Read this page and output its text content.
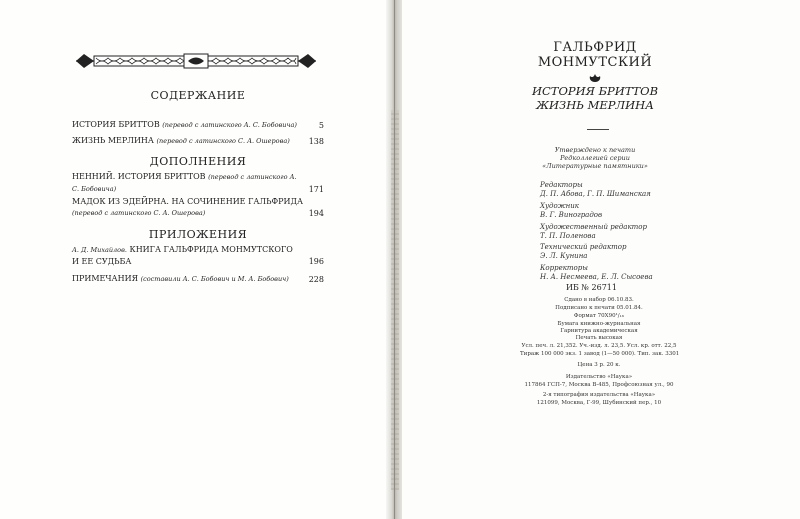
СОДЕРЖАНИЕ
ИСТОРИЯ БРИТТОВ (перевод с латинского А. С. Бобовича)	5
ЖИЗНЬ МЕРЛИНА (перевод с латинского С. А. Ошерова)	138
ДОПОЛНЕНИЯ
НЕННИЙ. ИСТОРИЯ БРИТТОВ (перевод с латинского А. С. Бобовича)	171
МАДОК ИЗ ЭДЕЙРНА. НА СОЧИНЕНИЕ ГАЛЬФРИДА (перевод с латинского С. А. Ошерова)	194
ПРИЛОЖЕНИЯ
А. Д. Михайлов. КНИГА ГАЛЬФРИДА МОНМУТСКОГО И ЕЕ СУДЬБА	196
ПРИМЕЧАНИЯ (составили А. С. Бобович и М. А. Бобович)	228
ГАЛЬФРИД
МОНМУТСКИЙ
ИСТОРИЯ БРИТТОВ
ЖИЗНЬ МЕРЛИНА
Утверждено к печати
Редколлегией серии
«Литературные памятники»
Редакторы
Д. П. Абова, Г. П. Шиманская
Художник
В. Г. Виноградов
Художественный редактор
Т. П. Поленова
Технический редактор
Э. Л. Кунина
Корректоры
Н. А. Несмеева, Е. Л. Сысоева
ИБ № 26711
Сдано в набор 06.10.83.
Подписано к печати 05.01.84.
Формат 70X90¹/₁₆
Бумага книжно-журнальная
Гарнитура академическая
Печать высокая
Усл. печ. л. 21,352. Уч.-изд. л. 23,5. Усл. кр. отт. 22,5
Тираж 100 000 экз. 1 завод (1—50 000). Тип. зак. 3301
Цена 3 р. 20 к.
Издательство «Наука»
117864 ГСП-7, Москва В-485, Профсоюзная ул., 90
2-я типография издательства «Наука»
121099, Москва, Г-99, Шубинский пер., 10
